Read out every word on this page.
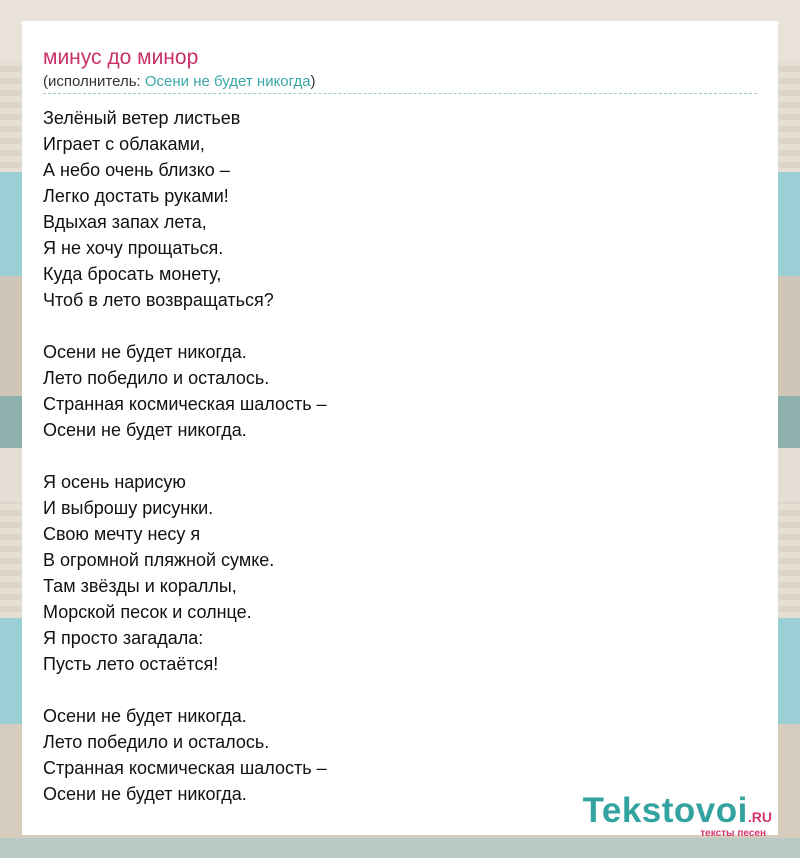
минус до минор
(исполнитель: Осени не будет никогда)
Зелёный ветер листьев
Играет с облаками,
А небо очень близко –
Легко достать руками!
Вдыхая запах лета,
Я не хочу прощаться.
Куда бросать монету,
Чтоб в лето возвращаться?
Осени не будет никогда.
Лето победило и осталось.
Странная космическая шалость –
Осени не будет никогда.
Я осень нарисую
И выброшу рисунки.
Свою мечту несу я
В огромной пляжной сумке.
Там звёзды и кораллы,
Морской песок и солнце.
Я просто загадала:
Пусть лето остаётся!
Осени не будет никогда.
Лето победило и осталось.
Странная космическая шалость –
Осени не будет никогда.	Tekstovoi.RU
тексты песен
